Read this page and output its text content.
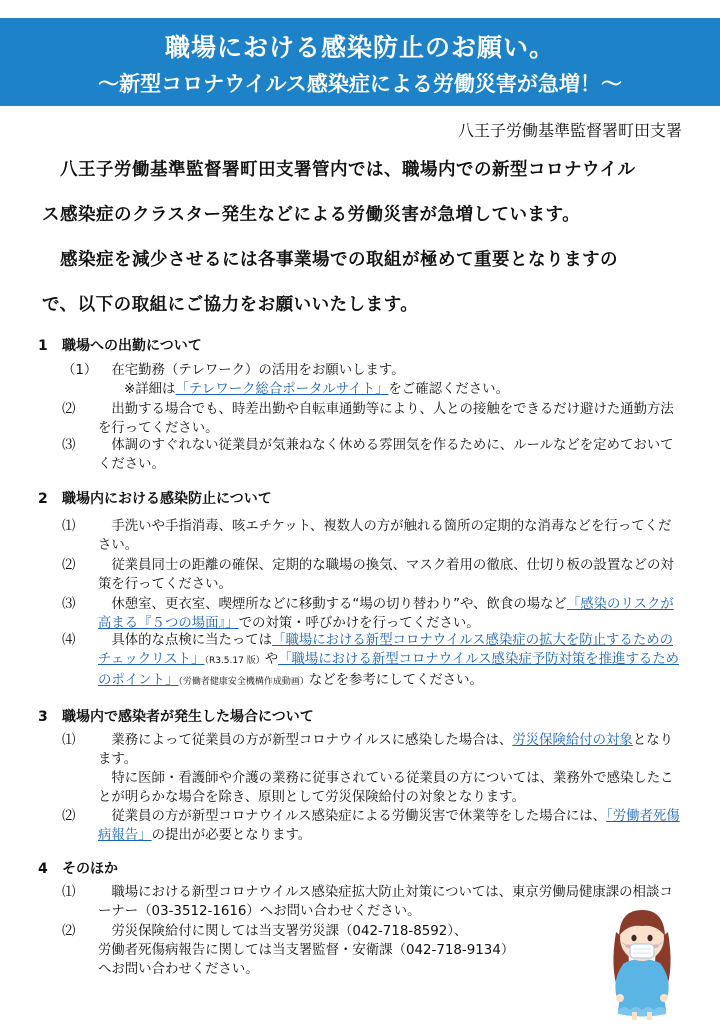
職場における感染防止のお願い。
〜新型コロナウイルス感染症による労働災害が急増！〜
八王子労働基準監督署町田支署
　八王子労働基準監督署町田支署管内では、職場内での新型コロナウイル
ス感染症のクラスター発生などによる労働災害が急増しています。
　感染症を減少させるには各事業場での取組が極めて重要となりますの
で、以下の取組にご協力をお願いいたします。
1 職場への出勤について
（1）	在宅勤務（テレワーク）の活用をお願いします。
※詳細は「テレワーク総合ポータルサイト」をご確認ください。
⑵	出勤する場合でも、時差出勤や自転車通勤等により、人との接触をできるだけ避けた通勤方法を行ってください。
⑶	体調のすぐれない従業員が気兼ねなく休める雰囲気を作るために、ルールなどを定めておいてください。
2 職場内における感染防止について
⑴	手洗いや手指消毒、咳エチケット、複数人の方が触れる箇所の定期的な消毒などを行ってください。
⑵	従業員同士の距離の確保、定期的な職場の換気、マスク着用の徹底、仕切り板の設置などの対策を行ってください。
⑶	休憩室、更衣室、喫煙所などに移動する“場の切り替わり”や、飲食の場など「感染のリスクが高まる『５つの場面』」での対策・呼びかけを行ってください。
⑷	具体的な点検に当たっては「職場における新型コロナウイルス感染症の拡大を防止するためのチェックリスト」（R3.5.17 版）や「職場における新型コロナウイルス感染症予防対策を推進するためのポイント」（労働者健康安全機構作成動画）などを参考にしてください。
3 職場内で感染者が発生した場合について
⑴	業務によって従業員の方が新型コロナウイルスに感染した場合は、労災保険給付の対象となります。
特に医師・看護師や介護の業務に従事されている従業員の方については、業務外で感染したことが明らかな場合を除き、原則として労災保険給付の対象となります。
⑵	従業員の方が新型コロナウイルス感染症による労働災害で休業等をした場合には、「労働者死傷病報告」の提出が必要となります。
4 そのほか
⑴	職場における新型コロナウイルス感染症拡大防止対策については、東京労働局健康課の相談コーナー（03-3512-1616）へお問い合わせください。
⑵	労災保険給付に関しては当支署労災課（042-718-8592）、
労働者死傷病報告に関しては当支署監督・安衛課（042-718-9134）
へお問い合わせください。
